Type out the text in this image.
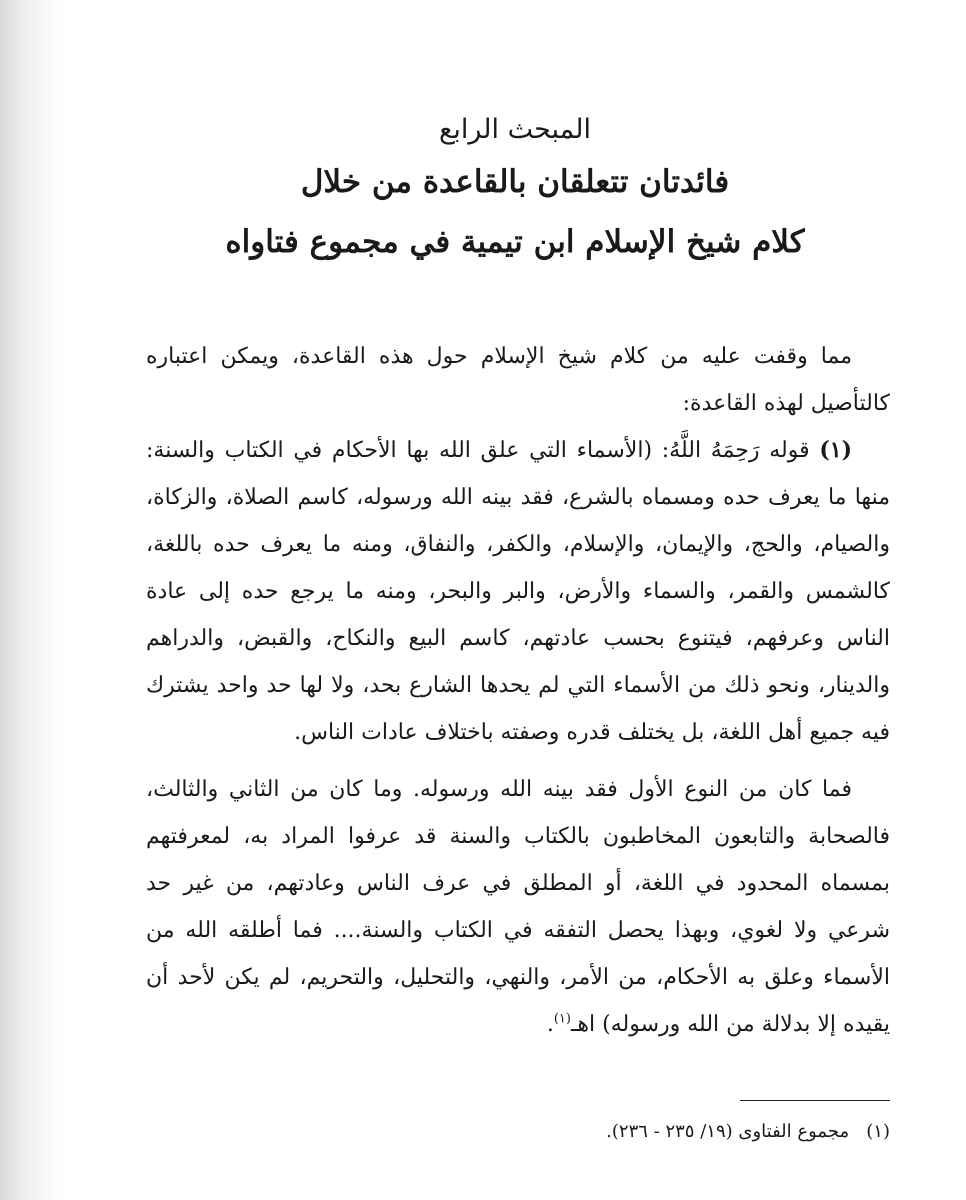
المبحث الرابع

فائدتان تتعلقان بالقاعدة من خلال

كلام شيخ الإسلام ابن تيمية في مجموع فتاواه

مما وقفت عليه من كلام شيخ الإسلام حول هذه القاعدة، ويمكن اعتباره كالتأصيل لهذه القاعدة:

(١) قوله رَحِمَهُ اللَّهُ: (الأسماء التي علق الله بها الأحكام في الكتاب والسنة: منها ما يعرف حده ومسماه بالشرع، فقد بينه الله ورسوله، كاسم الصلاة، والزكاة، والصيام، والحج، والإيمان، والإسلام، والكفر، والنفاق، ومنه ما يعرف حده باللغة، كالشمس والقمر، والسماء والأرض، والبر والبحر، ومنه ما يرجع حده إلى عادة الناس وعرفهم، فيتنوع بحسب عادتهم، كاسم البيع والنكاح، والقبض، والدراهم والدينار، ونحو ذلك من الأسماء التي لم يحدها الشارع بحد، ولا لها حد واحد يشترك فيه جميع أهل اللغة، بل يختلف قدره وصفته باختلاف عادات الناس.

فما كان من النوع الأول فقد بينه الله ورسوله. وما كان من الثاني والثالث، فالصحابة والتابعون المخاطبون بالكتاب والسنة قد عرفوا المراد به، لمعرفتهم بمسماه المحدود في اللغة، أو المطلق في عرف الناس وعادتهم، من غير حد شرعي ولا لغوي، وبهذا يحصل التفقه في الكتاب والسنة.... فما أطلقه الله من الأسماء وعلق به الأحكام، من الأمر، والنهي، والتحليل، والتحريم، لم يكن لأحد أن يقيده إلا بدلالة من الله ورسوله) اهـ$^{(١)}$.

(١)   مجموع الفتاوى (١٩/ ٢٣٥ - ٢٣٦).
